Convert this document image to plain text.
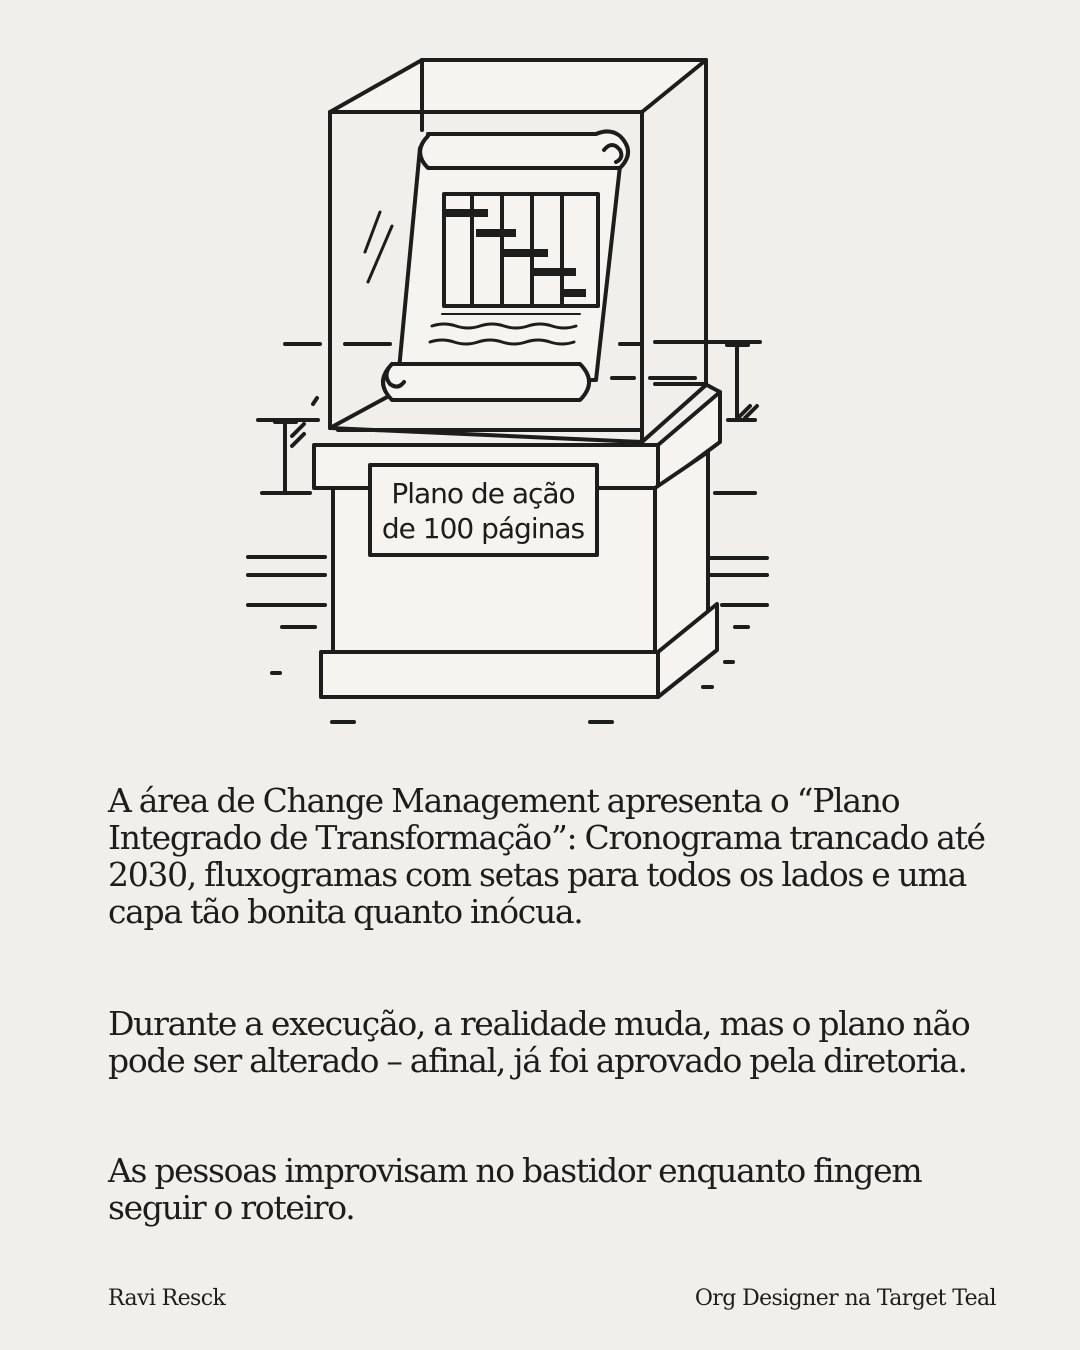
Plano de ação
de 100 páginas

A área de Change Management apresenta o “Plano Integrado de Transformação”: Cronograma trancado até 2030, fluxogramas com setas para todos os lados e uma capa tão bonita quanto inócua.

Durante a execução, a realidade muda, mas o plano não pode ser alterado – afinal, já foi aprovado pela diretoria.

As pessoas improvisam no bastidor enquanto fingem seguir o roteiro.

Ravi Resck	Org Designer na Target Teal
